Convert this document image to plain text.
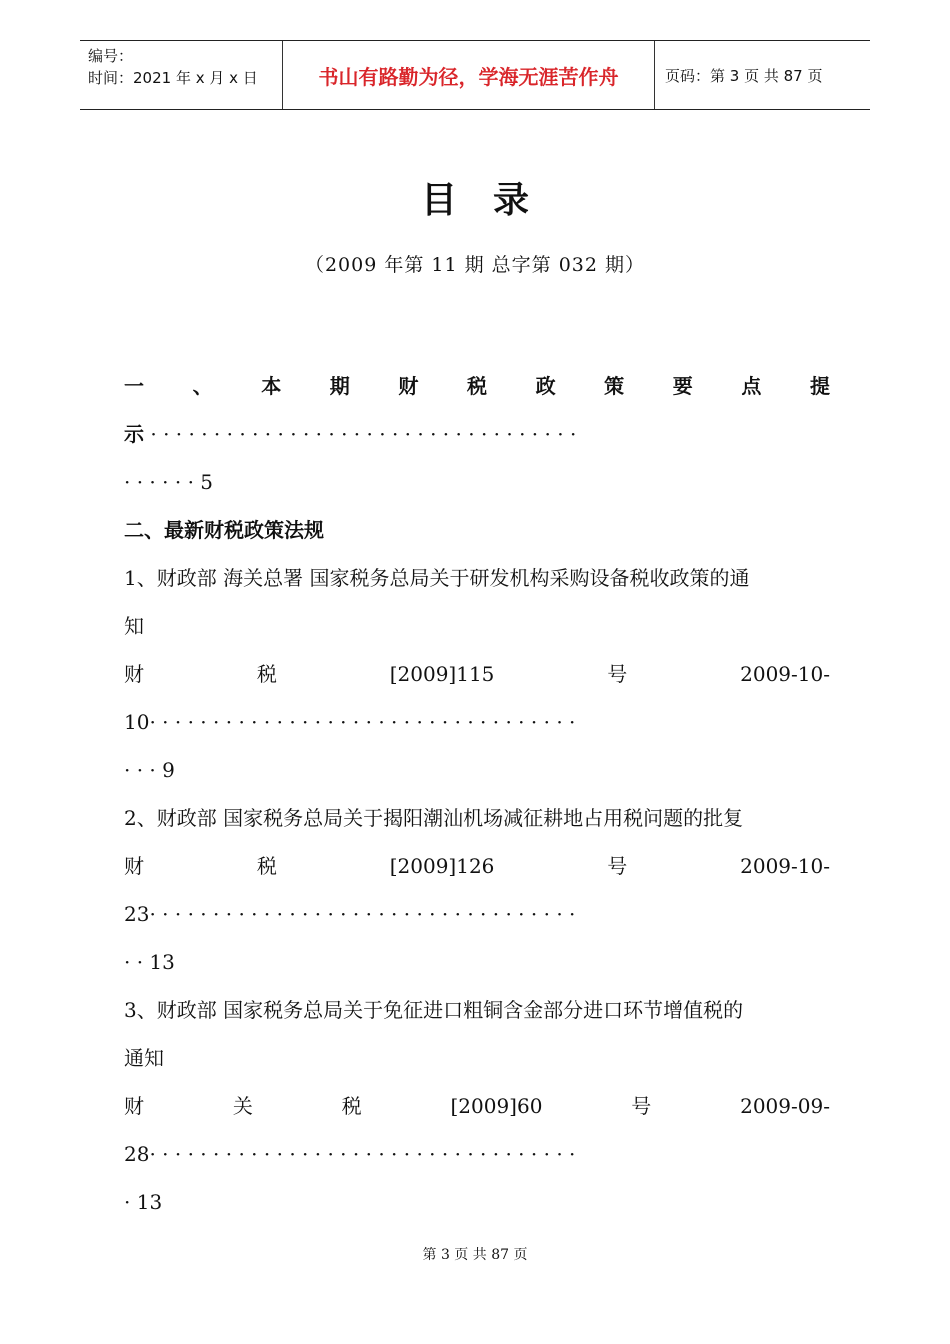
编号：
时间：2021 年 x 月 x 日	书山有路勤为径，学海无涯苦作舟	页码：第 3 页 共 87 页
目录
（2009 年第 11 期 总字第 032 期）
一 、 本 期 财 税 政 策 要 点 提
示 · · · · · · · · · · · · · · · · · · · · · · · · · · · · · · · · · ·
· · · · · · 5
二、最新财税政策法规
1、财政部 海关总署 国家税务总局关于研发机构采购设备税收政策的通
知
财	税	[2009]115	号	2009-10-
10· · · · · · · · · · · · · · · · · · · · · · · · · · · · · · · · · ·
· · · 9
2、财政部 国家税务总局关于揭阳潮汕机场减征耕地占用税问题的批复
财	税	[2009]126	号	2009-10-
23· · · · · · · · · · · · · · · · · · · · · · · · · · · · · · · · · ·
· · 13
3、财政部 国家税务总局关于免征进口粗铜含金部分进口环节增值税的
通知
财	关	税	[2009]60	号	2009-09-
28· · · · · · · · · · · · · · · · · · · · · · · · · · · · · · · · · ·
· 13
第 3 页 共 87 页
